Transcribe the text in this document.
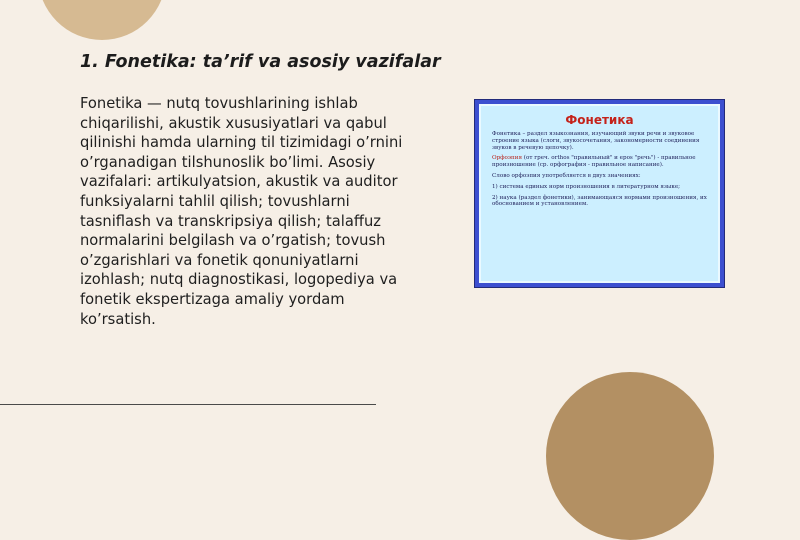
1. Fonetika: ta’rif va asosiy vazifalar
Fonetika — nutq tovushlarining ishlab chiqarilishi, akustik xususiyatlari va qabul qilinishi hamda ularning til tizimidagi o’rnini o’rganadigan tilshunoslik bo’limi. Asosiy vazifalari: artikulyatsion, akustik va auditor funksiyalarni tahlil qilish; tovushlarni tasniflash va transkripsiya qilish; talaffuz normalarini belgilash va o’rgatish; tovush o’zgarishlari va fonetik qonuniyatlarni izohlash; nutq diagnostikasi, logopediya va fonetik ekspertizaga amaliy yordam ko’rsatish.
Фонетика

Фонетика – раздел языкознания, изучающий звуки речи и звуковое строение языка (слоги, звукосочетания, закономерности соединения звуков в речевую цепочку).

Орфоэпия (от греч. orthos "правильный" и epos "речь") - правильное произношение (ср. орфография - правильное написание).

Слово орфоэпия употребляется в двух значениях:

1) система единых норм произношения в литературном языке;

2) наука (раздел фонетики), занимающаяся нормами произношения, их обоснованием и установлением.
